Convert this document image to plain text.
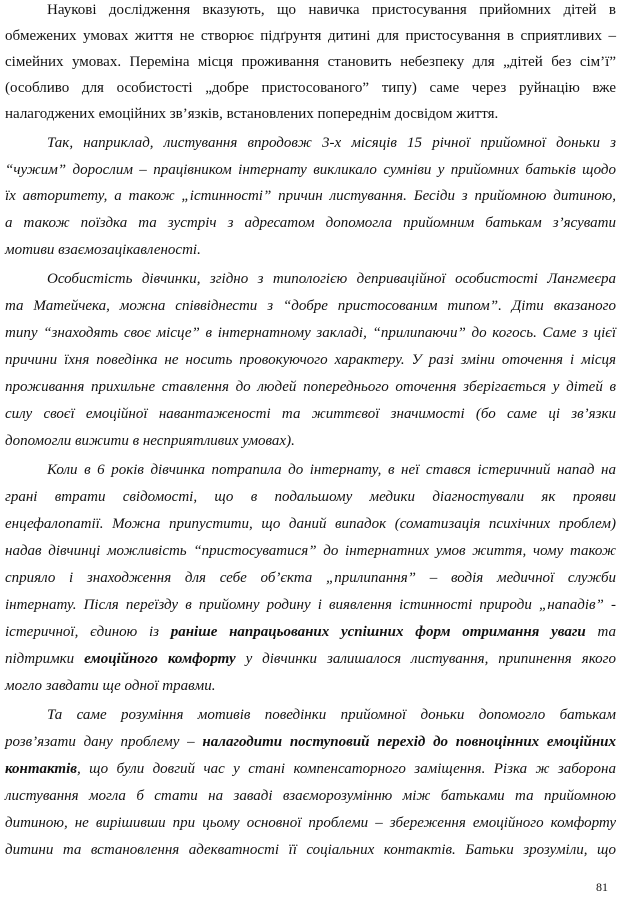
Наукові дослідження вказують, що навичка пристосування прийомних дітей в
обмежених умовах життя не створює підґрунтя дитині для пристосування в сприятливих –
сімейних умовах. Переміна місця проживання становить небезпеку для „дітей без сім’ї”
(особливо для особистості „добре пристосованого” типу) саме через руйнацію вже
налагоджених емоційних зв’язків, встановлених попереднім досвідом життя.
Так, наприклад, листування впродовж 3-х місяців 15 річної прийомної доньки з
“чужим” дорослим – працівником інтернату викликало сумніви у прийомних батьків щодо
їх авторитету, а також „істинності” причин листування. Бесіди з прийомною дитиною,
а також поїздка та зустріч з адресатом допомогла прийомним батькам з’ясувати
мотиви взаємозацікавленості.
Особистість дівчинки, згідно з типологією деприваційної особистості Лангмеєра
та Матейчека, можна співвіднести з “добре пристосованим типом”. Діти вказаного
типу “знаходять своє місце” в інтернатному закладі, “прилипаючи” до когось. Саме з цієї
причини їхня поведінка не носить провокуючого характеру. У разі зміни оточення і місця
проживання прихильне ставлення до людей попереднього оточення зберігається у дітей в
силу своєї емоційної навантаженості та життєвої значимості (бо саме ці зв’язки
допомогли вижити в несприятливих умовах).
Коли в 6 років дівчинка потрапила до інтернату, в неї стався істеричний напад на
грані втрати свідомості, що в подальшому медики діагностували як прояви
енцефалопатії. Можна припустити, що даний випадок (соматизація психічних проблем)
надав дівчинці можливість “пристосуватися” до інтернатних умов життя, чому також
сприяло і знаходження для себе об’єкта „прилипання” – водія медичної служби
інтернату. Після переїзду в прийомну родину і виявлення істинності природи „нападів” -
істеричної, єдиною із раніше напрацьованих успішних форм отримання уваги та
підтримки емоційного комфорту у дівчинки залишалося листування, припинення якого
могло завдати ще одної травми.
Та саме розуміння мотивів поведінки прийомної доньки допомогло батькам
розв’язати дану проблему – налагодити поступовий перехід до повноцінних емоційних
контактів, що були довгий час у стані компенсаторного заміщення. Різка ж заборона
листування могла б стати на заваді взаєморозумінню між батьками та прийомною
дитиною, не вирішивши при цьому основної проблеми – збереження емоційного комфорту
дитини та встановлення адекватності її соціальних контактів. Батьки зрозуміли, що
81
